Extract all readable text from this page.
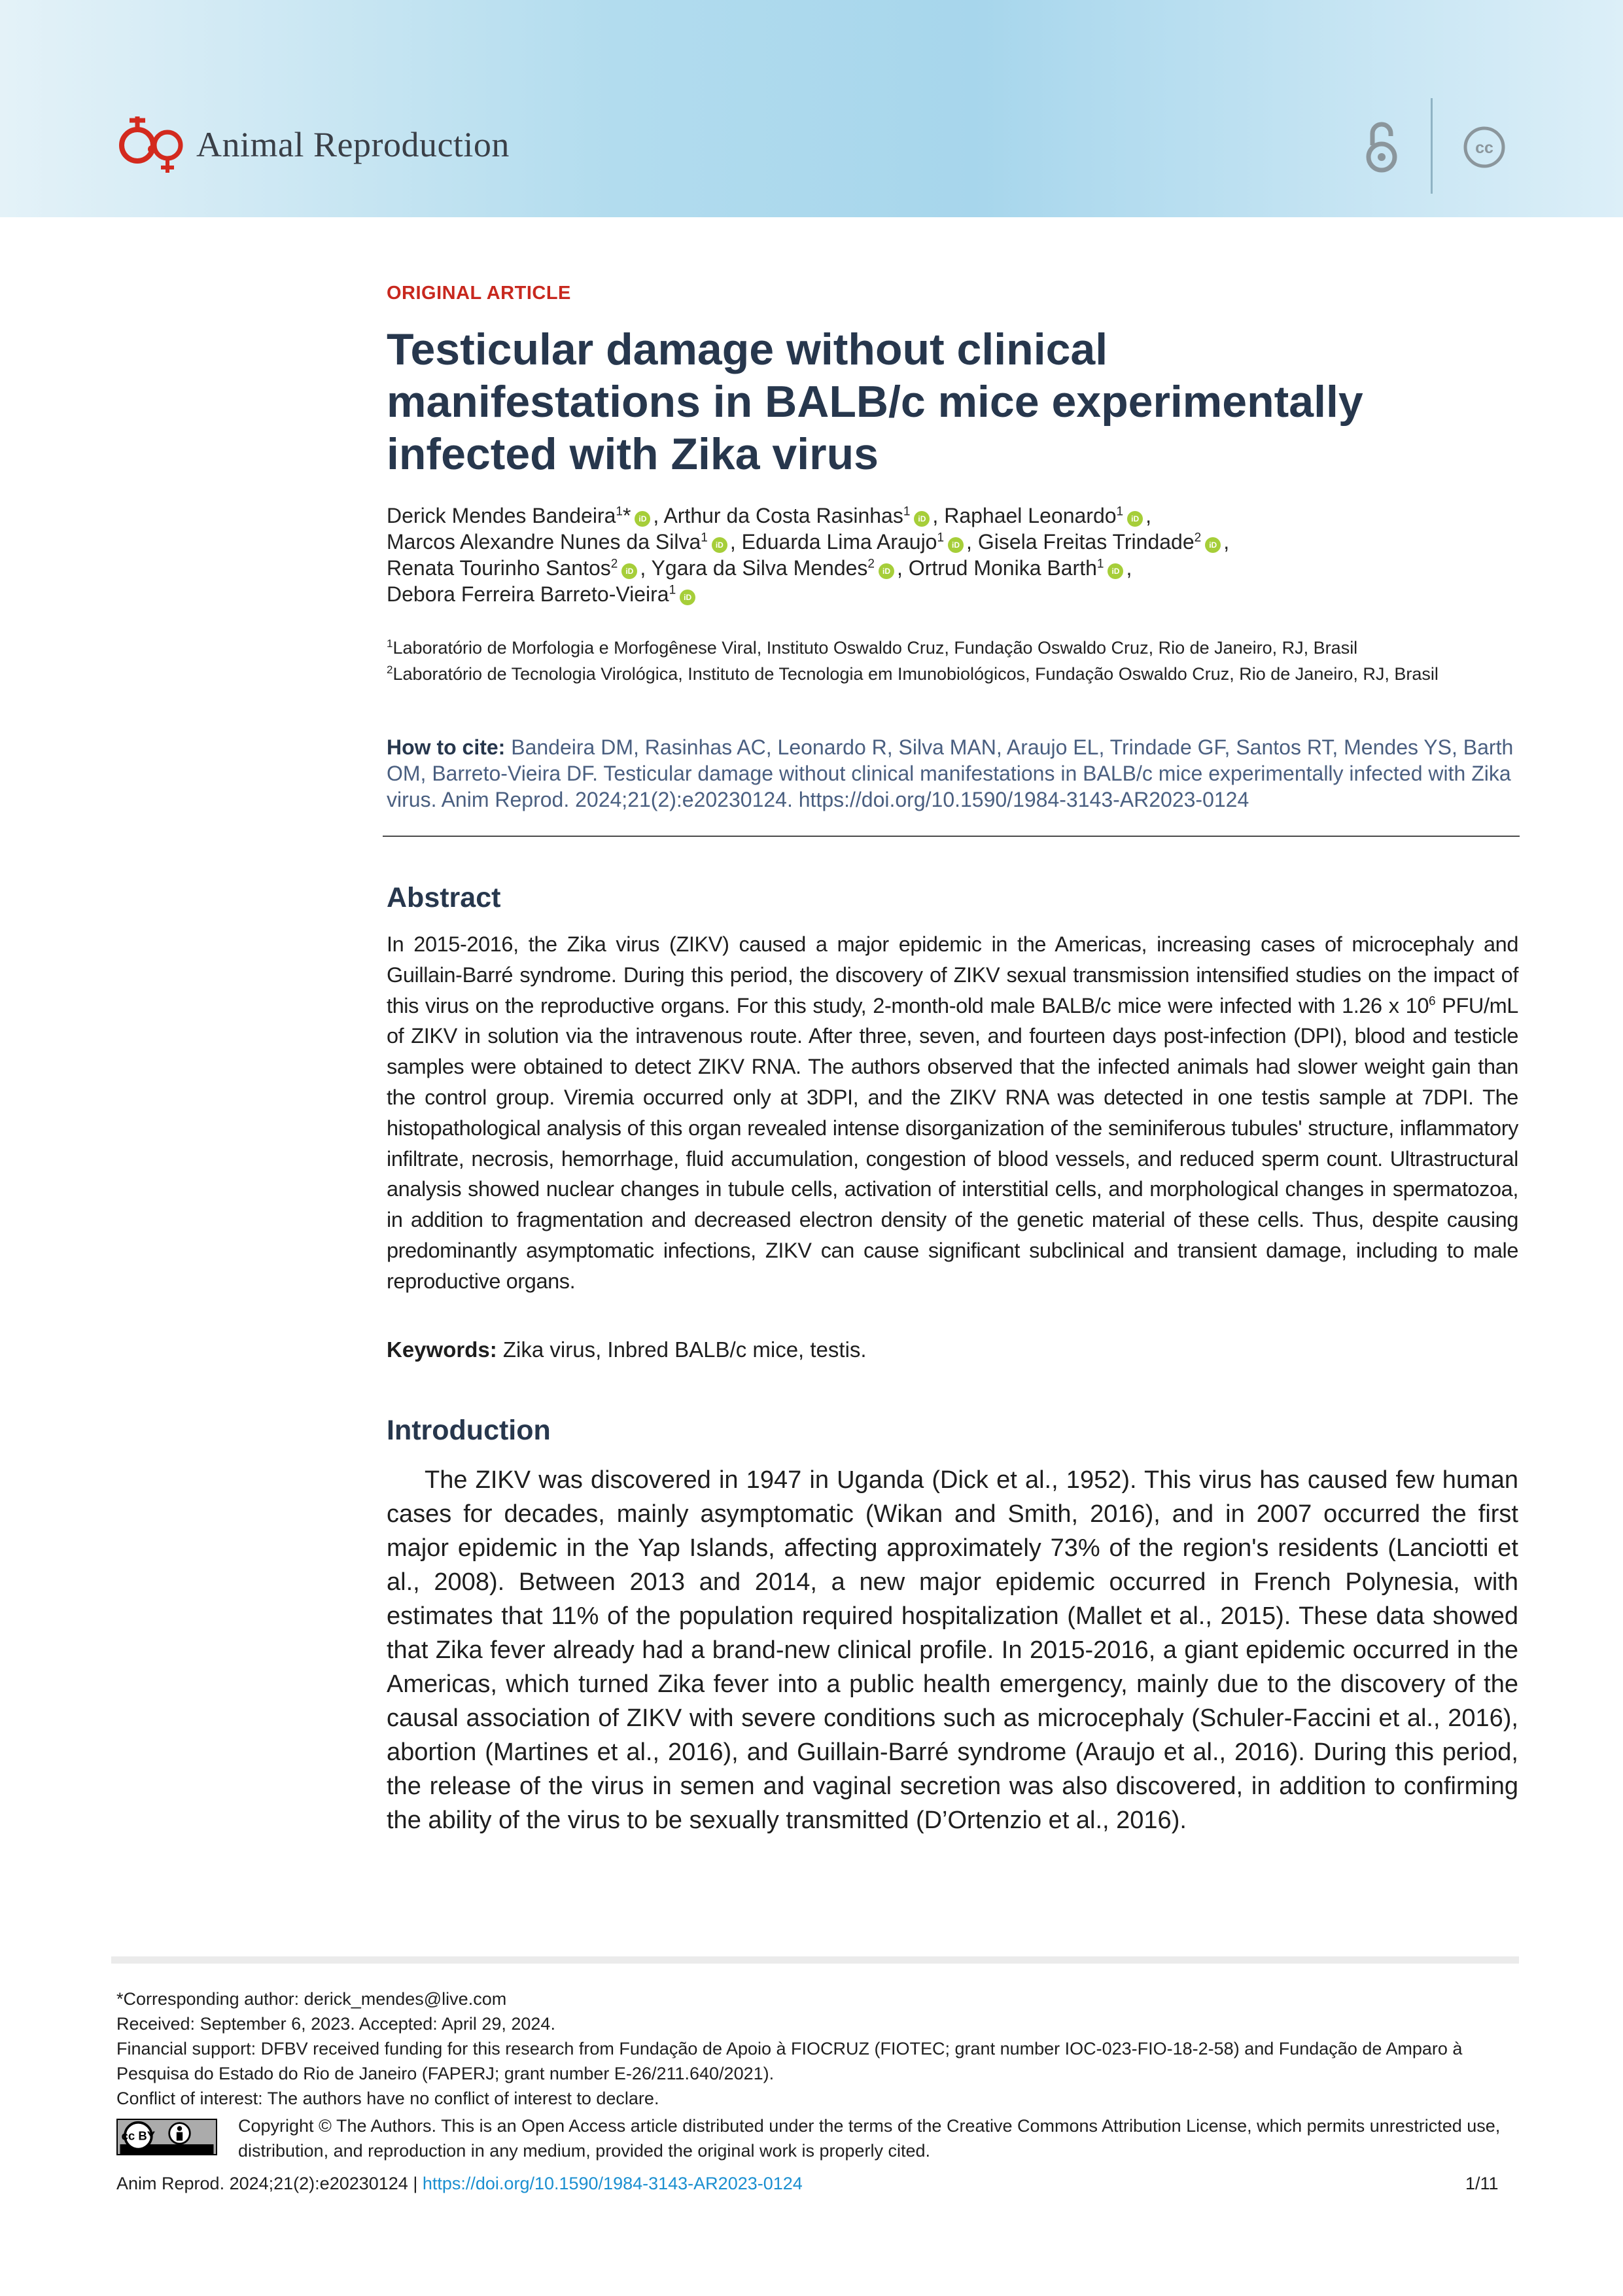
Animal Reproduction	cc
ORIGINAL ARTICLE
Testicular damage without clinical
manifestations in BALB/c mice experimentally
infected with Zika virus
Derick Mendes Bandeira$^1$* iD , Arthur da Costa Rasinhas$^1$iD , Raphael Leonardo$^1$iD ,
Marcos Alexandre Nunes da Silva$^1$iD , Eduarda Lima Araujo$^1$iD , Gisela Freitas Trindade$^2$iD ,
Renata Tourinho Santos$^2$iD , Ygara da Silva Mendes$^2$iD , Ortrud Monika Barth$^1$iD ,
Debora Ferreira Barreto-Vieira$^1$iD
$^1$Laboratório de Morfologia e Morfogênese Viral, Instituto Oswaldo Cruz, Fundação Oswaldo Cruz, Rio de Janeiro, RJ, Brasil
$^2$Laboratório de Tecnologia Virológica, Instituto de Tecnologia em Imunobiológicos, Fundação Oswaldo Cruz, Rio de Janeiro, RJ, Brasil
How to cite: Bandeira DM, Rasinhas AC, Leonardo R, Silva MAN, Araujo EL, Trindade GF, Santos RT, Mendes YS, Barth OM, Barreto-Vieira DF. Testicular damage without clinical manifestations in BALB/c mice experimentally infected with Zika virus. Anim Reprod. 2024;21(2):e20230124. https://doi.org/10.1590/1984-3143-AR2023-0124
Abstract
In 2015-2016, the Zika virus (ZIKV) caused a major epidemic in the Americas, increasing cases of microcephaly and Guillain-Barré syndrome. During this period, the discovery of ZIKV sexual transmission intensified studies on the impact of this virus on the reproductive organs. For this study, 2-month-old male BALB/c mice were infected with 1.26 x $10^6$ PFU/mL of ZIKV in solution via the intravenous route. After three, seven, and fourteen days post-infection (DPI), blood and testicle samples were obtained to detect ZIKV RNA. The authors observed that the infected animals had slower weight gain than the control group. Viremia occurred only at 3DPI, and the ZIKV RNA was detected in one testis sample at 7DPI. The histopathological analysis of this organ revealed intense disorganization of the seminiferous tubules' structure, inflammatory infiltrate, necrosis, hemorrhage, fluid accumulation, congestion of blood vessels, and reduced sperm count. Ultrastructural analysis showed nuclear changes in tubule cells, activation of interstitial cells, and morphological changes in spermatozoa, in addition to fragmentation and decreased electron density of the genetic material of these cells. Thus, despite causing predominantly asymptomatic infections, ZIKV can cause significant subclinical and transient damage, including to male reproductive organs.
Keywords: Zika virus, Inbred BALB/c mice, testis.
Introduction

The ZIKV was discovered in 1947 in Uganda (Dick et al., 1952). This virus has caused few human cases for decades, mainly asymptomatic (Wikan and Smith, 2016), and in 2007 occurred the first major epidemic in the Yap Islands, affecting approximately 73% of the region's residents (Lanciotti et al., 2008). Between 2013 and 2014, a new major epidemic occurred in French Polynesia, with estimates that 11% of the population required hospitalization (Mallet et al., 2015). These data showed that Zika fever already had a brand-new clinical profile. In 2015-2016, a giant epidemic occurred in the Americas, which turned Zika fever into a public health emergency, mainly due to the discovery of the causal association of ZIKV with severe conditions such as microcephaly (Schuler-Faccini et al., 2016), abortion (Martines et al., 2016), and Guillain-Barré syndrome (Araujo et al., 2016). During this period, the release of the virus in semen and vaginal secretion was also discovered, in addition to confirming the ability of the virus to be sexually transmitted (D’Ortenzio et al., 2016).

*Corresponding author: derick_mendes@live.com
Received: September 6, 2023. Accepted: April 29, 2024.
Financial support: DFBV received funding for this research from Fundação de Apoio à FIOCRUZ (FIOTEC; grant number IOC-023-FIO-18-2-58) and Fundação de Amparo à Pesquisa do Estado do Rio de Janeiro (FAPERJ; grant number E-26/211.640/2021).
Conflict of interest: The authors have no conflict of interest to declare.
cc BY
Copyright © The Authors. This is an Open Access article distributed under the terms of the Creative Commons Attribution License, which permits unrestricted use, distribution, and reproduction in any medium, provided the original work is properly cited.
Anim Reprod. 2024;21(2):e20230124 | https://doi.org/10.1590/1984-3143-AR2023-0124	1/11
